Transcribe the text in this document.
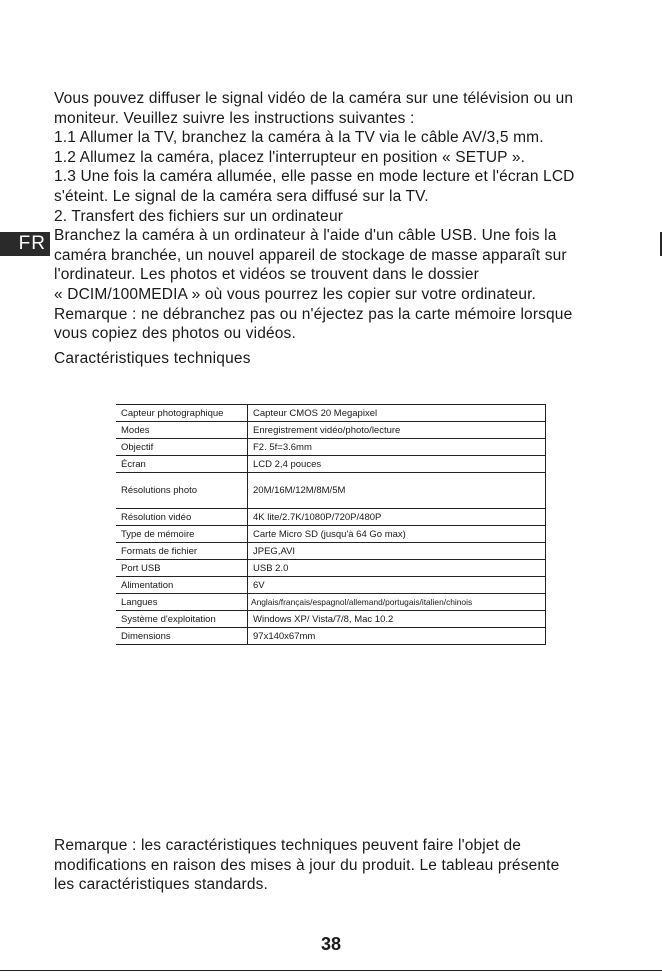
FR
Vous pouvez diffuser le signal vidéo de la caméra sur une télévision ou un
moniteur. Veuillez suivre les instructions suivantes :
1.1 Allumer la TV, branchez la caméra à la TV via le câble AV/3,5 mm.
1.2 Allumez la caméra, placez l'interrupteur en position « SETUP ».
1.3 Une fois la caméra allumée, elle passe en mode lecture et l'écran LCD
s'éteint. Le signal de la caméra sera diffusé sur la TV.
2. Transfert des fichiers sur un ordinateur
Branchez la caméra à un ordinateur à l'aide d'un câble USB. Une fois la
caméra branchée, un nouvel appareil de stockage de masse apparaît sur
l'ordinateur. Les photos et vidéos se trouvent dans le dossier
« DCIM/100MEDIA » où vous pourrez les copier sur votre ordinateur.
Remarque : ne débranchez pas ou n'éjectez pas la carte mémoire lorsque
vous copiez des photos ou vidéos.
Caractéristiques techniques
Capteur photographique	Capteur CMOS 20 Megapixel
Modes	Enregistrement vidéo/photo/lecture
Objectif	F2. 5f=3.6mm
Écran	LCD 2,4 pouces
Résolutions photo	20M/16M/12M/8M/5M
Résolution vidéo	4K lite/2.7K/1080P/720P/480P
Type de mémoire	Carte Micro SD (jusqu'à 64 Go max)
Formats de fichier	JPEG,AVI
Port USB	USB 2.0
Alimentation	6V
Langues	Anglais/français/espagnol/allemand/portugais/italien/chinois
Système d'exploitation	Windows XP/ Vista/7/8, Mac 10.2
Dimensions	97x140x67mm
Remarque : les caractéristiques techniques peuvent faire l'objet de
modifications en raison des mises à jour du produit. Le tableau présente
les caractéristiques standards.
38
